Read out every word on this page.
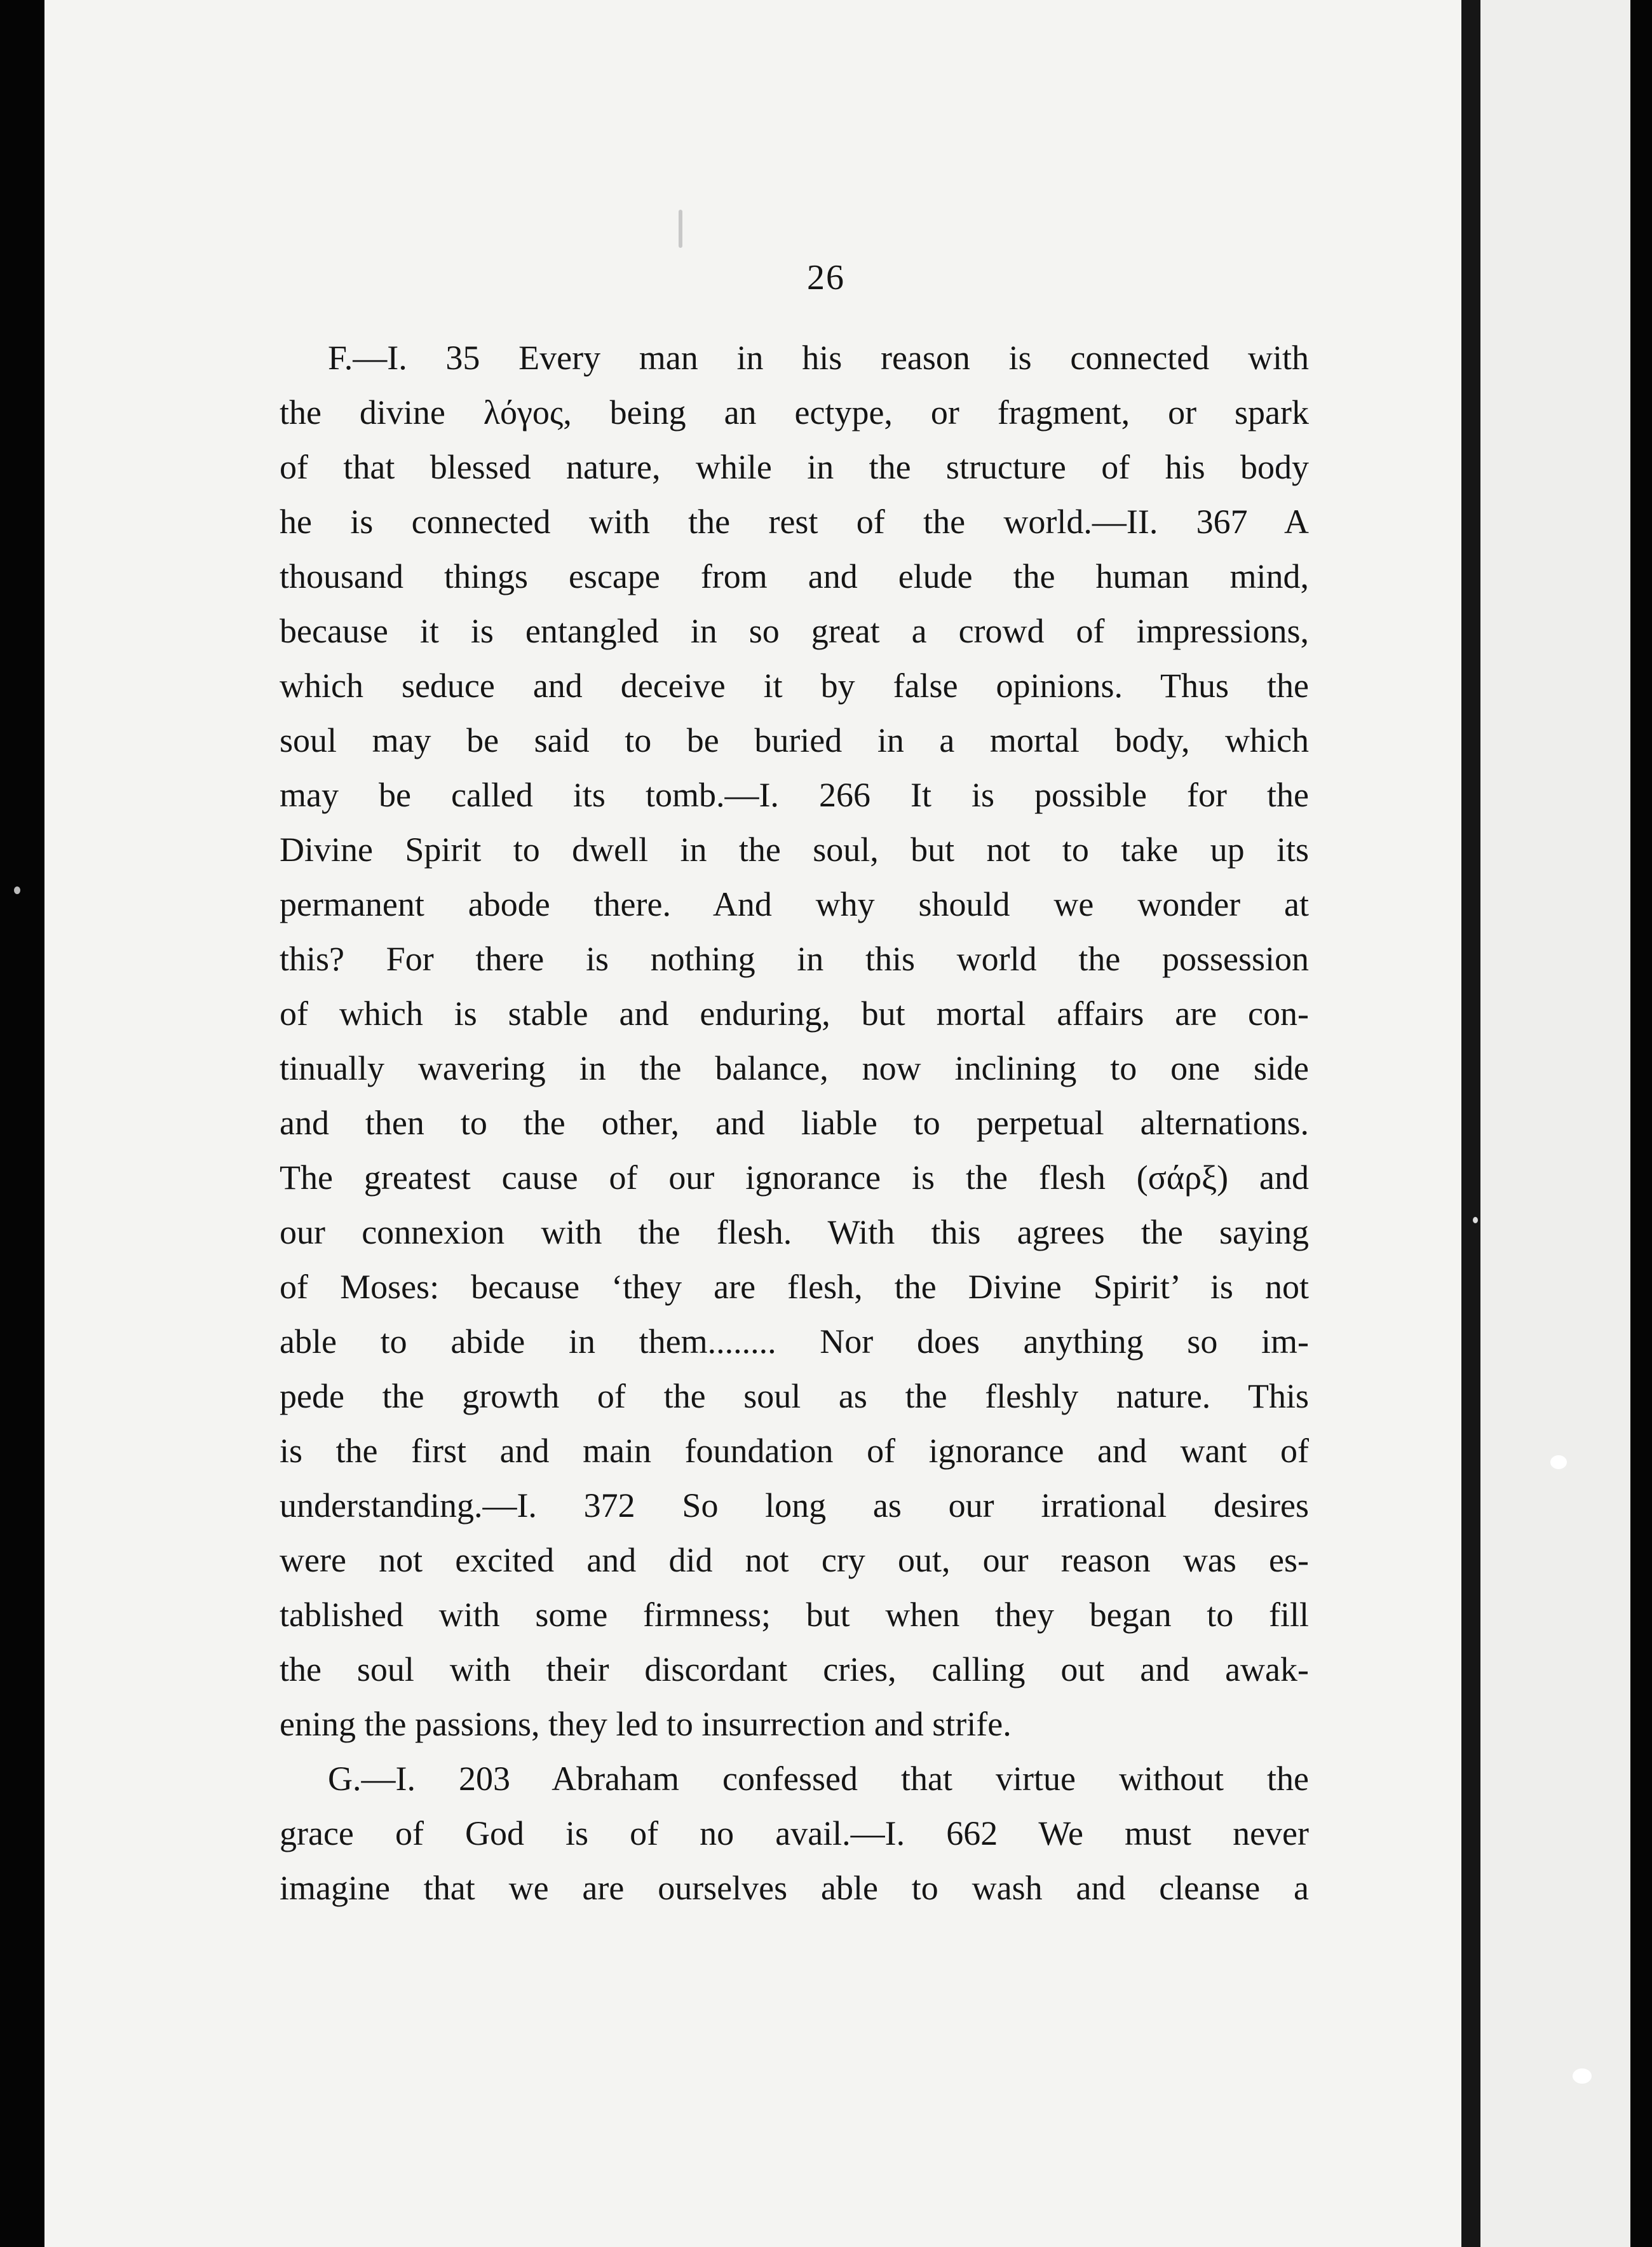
26
F.—I. 35 Every man in his reason is connected with
the divine λόγος, being an ectype, or fragment, or spark
of that blessed nature, while in the structure of his body
he is connected with the rest of the world.—II. 367 A
thousand things escape from and elude the human mind,
because it is entangled in so great a crowd of impressions,
which seduce and deceive it by false opinions. Thus the
soul may be said to be buried in a mortal body, which
may be called its tomb.—I. 266 It is possible for the
Divine Spirit to dwell in the soul, but not to take up its
permanent abode there. And why should we wonder at
this? For there is nothing in this world the possession
of which is stable and enduring, but mortal affairs are con-
tinually wavering in the balance, now inclining to one side
and then to the other, and liable to perpetual alternations.
The greatest cause of our ignorance is the flesh (σάρξ) and
our connexion with the flesh. With this agrees the saying
of Moses: because ‘they are flesh, the Divine Spirit’ is not
able to abide in them........ Nor does anything so im-
pede the growth of the soul as the fleshly nature. This
is the first and main foundation of ignorance and want of
understanding.—I. 372 So long as our irrational desires
were not excited and did not cry out, our reason was es-
tablished with some firmness; but when they began to fill
the soul with their discordant cries, calling out and awak-
ening the passions, they led to insurrection and strife.
G.—I. 203 Abraham confessed that virtue without the
grace of God is of no avail.—I. 662 We must never
imagine that we are ourselves able to wash and cleanse a
